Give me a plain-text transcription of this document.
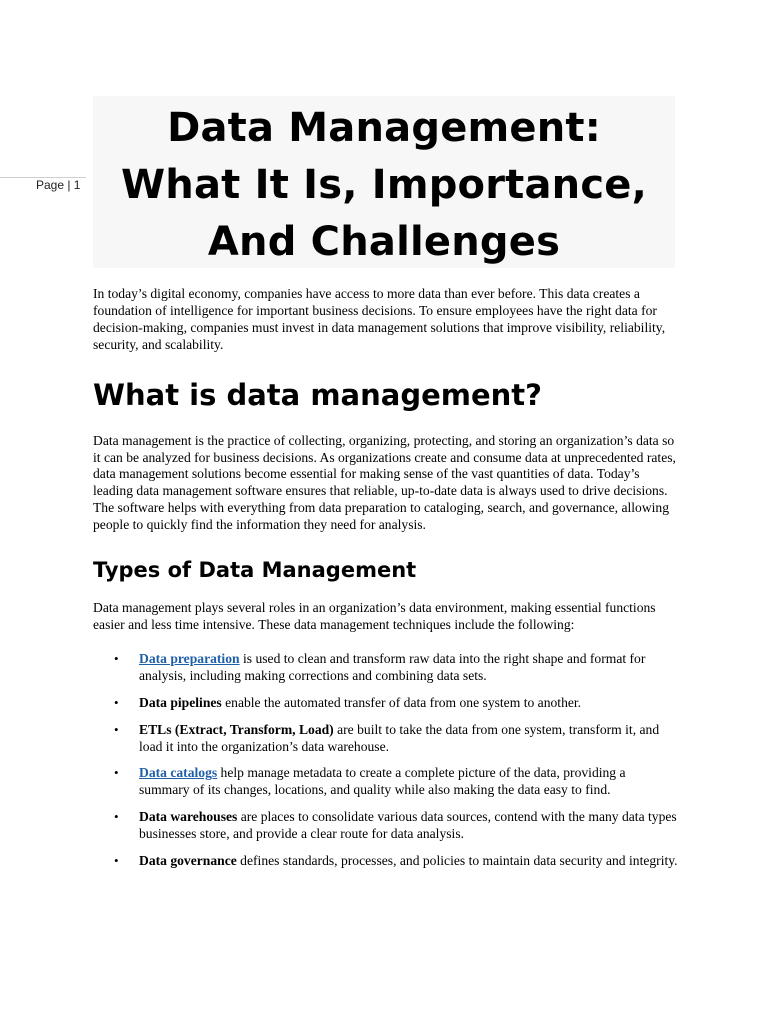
Page | 1
Data Management:
What It Is, Importance,
And Challenges

In today’s digital economy, companies have access to more data than ever before. This data creates a foundation of intelligence for important business decisions. To ensure employees have the right data for decision-making, companies must invest in data management solutions that improve visibility, reliability, security, and scalability.

What is data management?

Data management is the practice of collecting, organizing, protecting, and storing an organization’s data so it can be analyzed for business decisions. As organizations create and consume data at unprecedented rates, data management solutions become essential for making sense of the vast quantities of data. Today’s leading data management software ensures that reliable, up-to-date data is always used to drive decisions. The software helps with everything from data preparation to cataloging, search, and governance, allowing people to quickly find the information they need for analysis.

Types of Data Management

Data management plays several roles in an organization’s data environment, making essential functions easier and less time intensive. These data management techniques include the following:

• Data preparation is used to clean and transform raw data into the right shape and format for analysis, including making corrections and combining data sets.
• Data pipelines enable the automated transfer of data from one system to another.
• ETLs (Extract, Transform, Load) are built to take the data from one system, transform it, and load it into the organization’s data warehouse.
• Data catalogs help manage metadata to create a complete picture of the data, providing a summary of its changes, locations, and quality while also making the data easy to find.
• Data warehouses are places to consolidate various data sources, contend with the many data types businesses store, and provide a clear route for data analysis.
• Data governance defines standards, processes, and policies to maintain data security and integrity.
